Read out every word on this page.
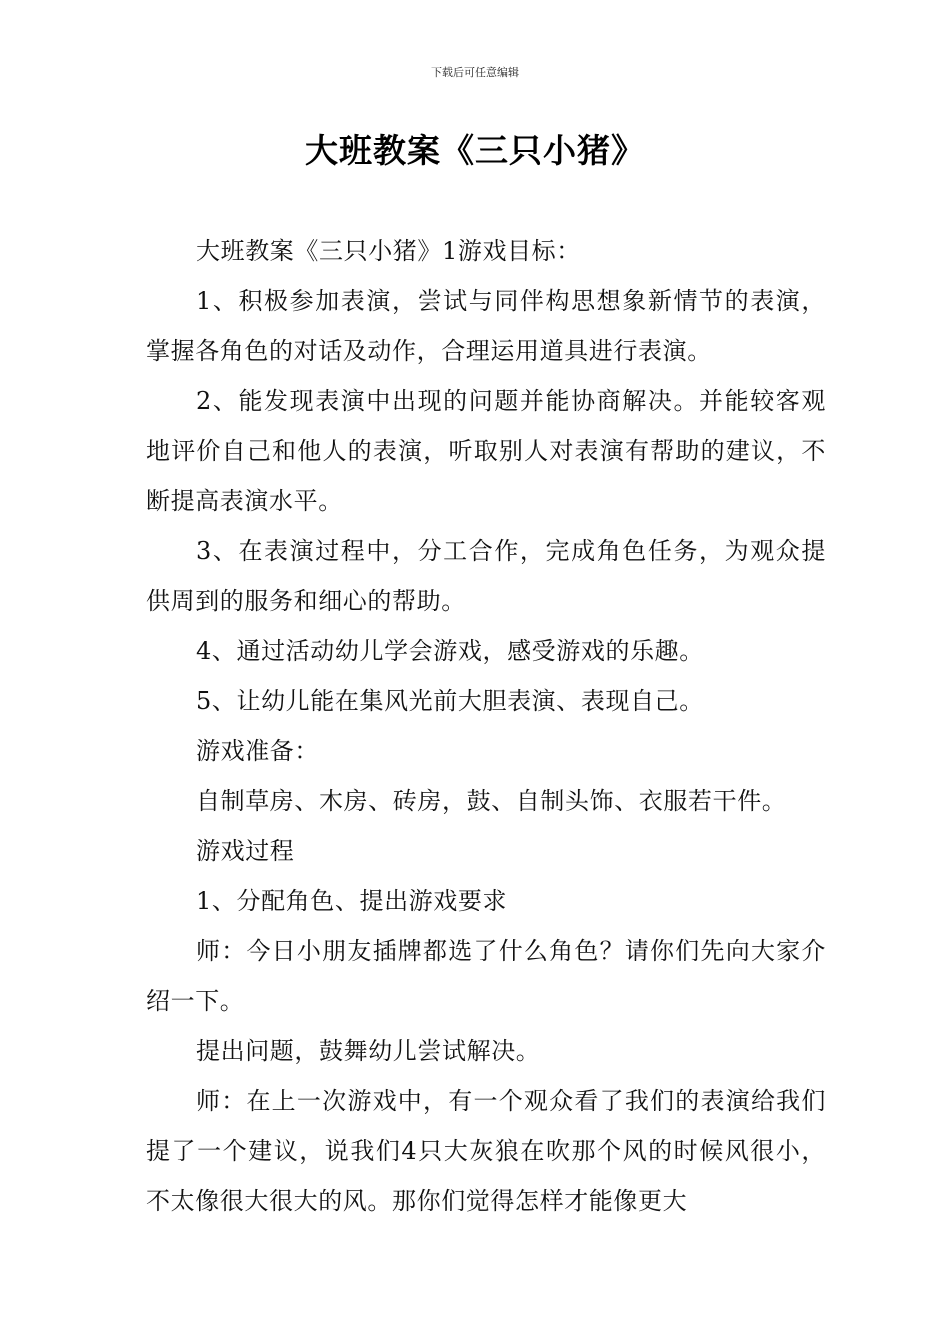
下载后可任意编辑
大班教案《三只小猪》

大班教案《三只小猪》1游戏目标：

1、积极参加表演，尝试与同伴构思想象新情节的表演，掌握各角色的对话及动作，合理运用道具进行表演。

2、能发现表演中出现的问题并能协商解决。并能较客观地评价自己和他人的表演，听取别人对表演有帮助的建议，不断提高表演水平。

3、在表演过程中，分工合作，完成角色任务，为观众提供周到的服务和细心的帮助。

4、通过活动幼儿学会游戏，感受游戏的乐趣。

5、让幼儿能在集风光前大胆表演、表现自己。

游戏准备：

自制草房、木房、砖房，鼓、自制头饰、衣服若干件。

游戏过程

1、分配角色、提出游戏要求

师：今日小朋友插牌都选了什么角色？请你们先向大家介绍一下。

提出问题，鼓舞幼儿尝试解决。

师：在上一次游戏中，有一个观众看了我们的表演给我们提了一个建议，说我们4只大灰狼在吹那个风的时候风很小，不太像很大很大的风。那你们觉得怎样才能像更大
